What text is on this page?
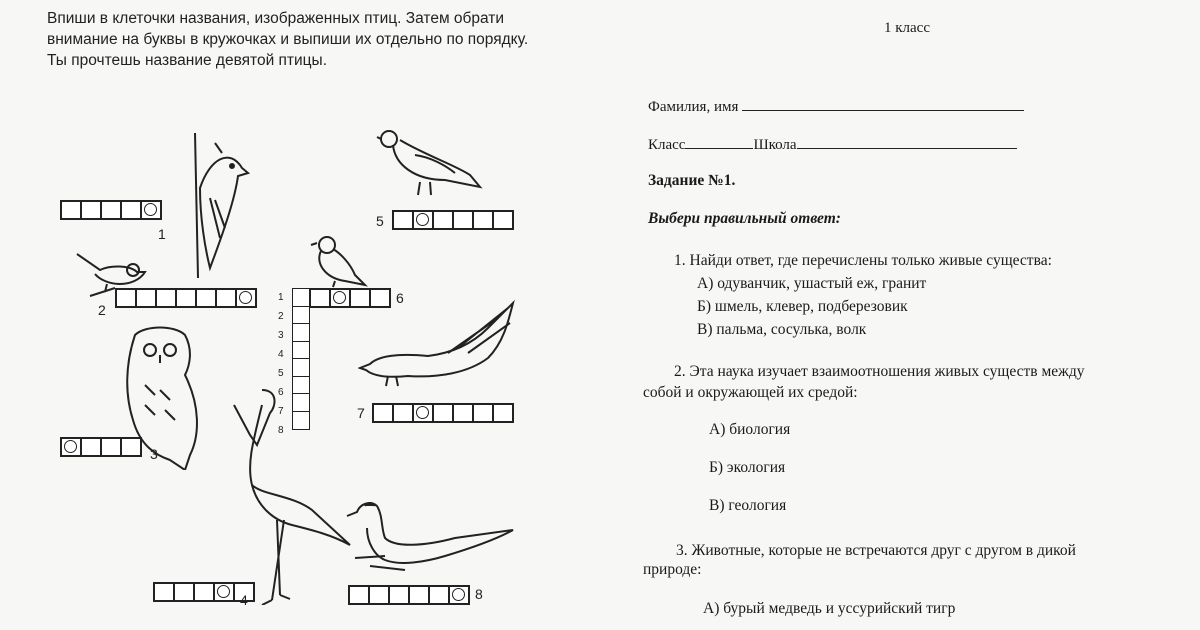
Впиши в клеточки названия, изображенных птиц. Затем обрати
внимание на буквы в кружочках и выпиши их отдельно по порядку.
Ты прочтешь название девятой птицы.
1
2
3
4
5
6
7
8
1
2
3
4
5
6
7
8
1 класс
Фамилия, имя
Класс	Школа
Задание №1.
Выбери правильный ответ:
1. Найди ответ, где перечислены только живые существа:
А) одуванчик, ушастый еж, гранит
Б) шмель, клевер, подберезовик
В) пальма, сосулька, волк
2. Эта наука изучает взаимоотношения живых существ между
собой и окружающей их средой:
А) биология
Б) экология
В) геология
3. Животные, которые не встречаются друг с другом в дикой
природе:
А) бурый медведь и уссурийский тигр
